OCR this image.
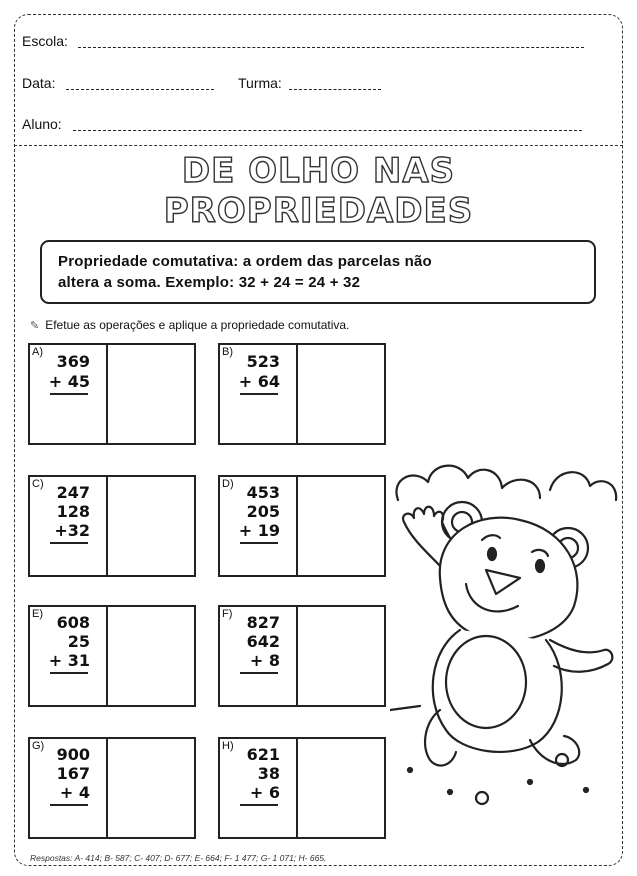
Escola:
Data:	Turma:
Aluno:
DE OLHO NAS
PROPRIEDADES
Propriedade comutativa: a ordem das parcelas não
altera a soma. Exemplo: 32 + 24 = 24 + 32
✎ Efetue as operações e aplique a propriedade comutativa.
A) 369
+ 45
B) 523
+ 64
C) 247
128
+32
D) 453
205
+ 19
E) 608
25
+ 31
F) 827
642
+ 8
G) 900
167
+ 4
H) 621
38
+ 6
Respostas: A- 414; B- 587; C- 407; D- 677; E- 664; F- 1 477; G- 1 071; H- 665.
